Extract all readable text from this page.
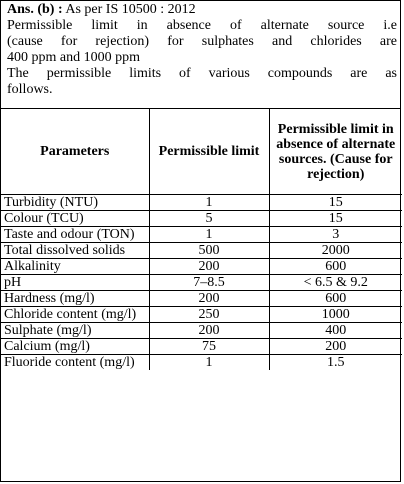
Ans. (b) : As per IS 10500 : 2012
Permissible limit in absence of alternate source i.e
(cause for rejection) for sulphates and chlorides are
400 ppm and 1000 ppm
The permissible limits of various compounds are as
follows.
Parameters	Permissible limit	Permissible limit in absence of alternate sources. (Cause for rejection)
Turbidity (NTU)	1	15
Colour (TCU)	5	15
Taste and odour (TON)	1	3
Total dissolved solids	500	2000
Alkalinity	200	600
pH	7–8.5	< 6.5 & 9.2
Hardness (mg/l)	200	600
Chloride content (mg/l)	250	1000
Sulphate (mg/l)	200	400
Calcium (mg/l)	75	200
Fluoride content (mg/l)	1	1.5
